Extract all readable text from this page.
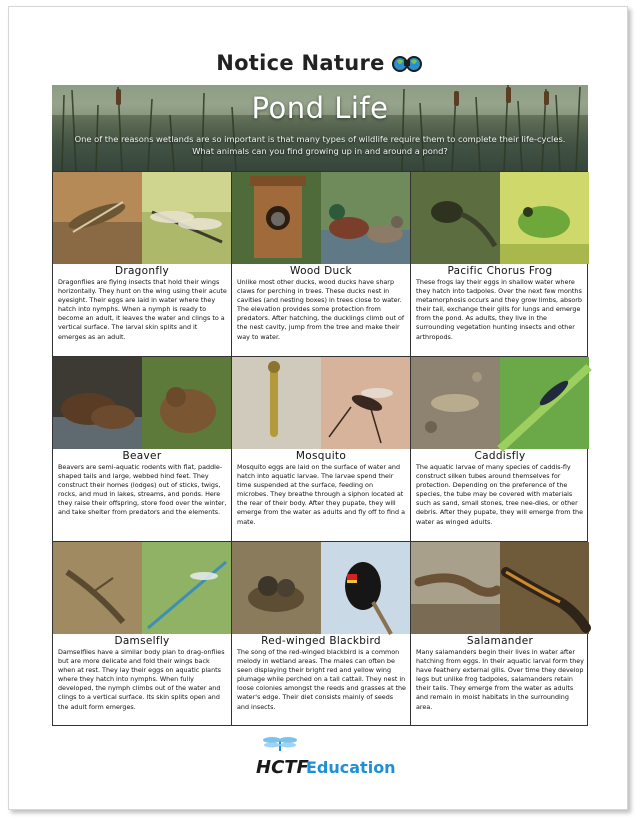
Notice Nature
Pond Life
One of the reasons wetlands are so important is that many types of wildlife require them to complete their life-cycles. What animals can you find growing up in and around a pond?
Dragonfly
Dragonflies are flying insects that hold their wings horizontally. They hunt on the wing using their acute eyesight. Their eggs are laid in water where they hatch into nymphs. When a nymph is ready to become an adult, it leaves the water and clings to a vertical surface. The larval skin splits and it emerges as an adult.
Wood Duck
Unlike most other ducks, wood ducks have sharp claws for perching in trees. These ducks nest in cavities (and nesting boxes) in trees close to water. The elevation provides some protection from predators. After hatching, the ducklings climb out of the nest cavity, jump from the tree and make their way to water.
Pacific Chorus Frog
These frogs lay their eggs in shallow water where they hatch into tadpoles. Over the next few months metamorphosis occurs and they grow limbs, absorb their tail, exchange their gills for lungs and emerge from the pond. As adults, they live in the surrounding vegetation hunting insects and other arthropods.
Beaver
Beavers are semi-aquatic rodents with flat, paddle-shaped tails and large, webbed hind feet. They construct their homes (lodges) out of sticks, twigs, rocks, and mud in lakes, streams, and ponds. Here they raise their offspring, store food over the winter, and take shelter from predators and the elements.
Mosquito
Mosquito eggs are laid on the surface of water and hatch into aquatic larvae. The larvae spend their time suspended at the surface, feeding on microbes. They breathe through a siphon located at the rear of their body. After they pupate, they will emerge from the water as adults and fly off to find a mate.
Caddisfly
The aquatic larvae of many species of caddis-fly construct silken tubes around themselves for protection. Depending on the preference of the species, the tube may be covered with materials such as sand, small stones, tree nee-dles, or other debris. After they pupate, they will emerge from the water as winged adults.
Damselfly
Damselflies have a similar body plan to drag-onflies but are more delicate and fold their wings back when at rest. They lay their eggs on aquatic plants where they hatch into nymphs. When fully developed, the nymph climbs out of the water and clings to a vertical surface. Its skin splits open and the adult form emerges.
Red-winged Blackbird
The song of the red-winged blackbird is a common melody in wetland areas. The males can often be seen displaying their bright red and yellow wing plumage while perched on a tall cattail. They nest in loose colonies amongst the reeds and grasses at the water's edge. Their diet consists mainly of seeds and insects.
Salamander
Many salamanders begin their lives in water after hatching from eggs. In their aquatic larval form they have feathery external gills. Over time they develop legs but unlike frog tadpoles, salamanders retain their tails. They emerge from the water as adults and remain in moist habitats in the surrounding area.
HCTF
Education
